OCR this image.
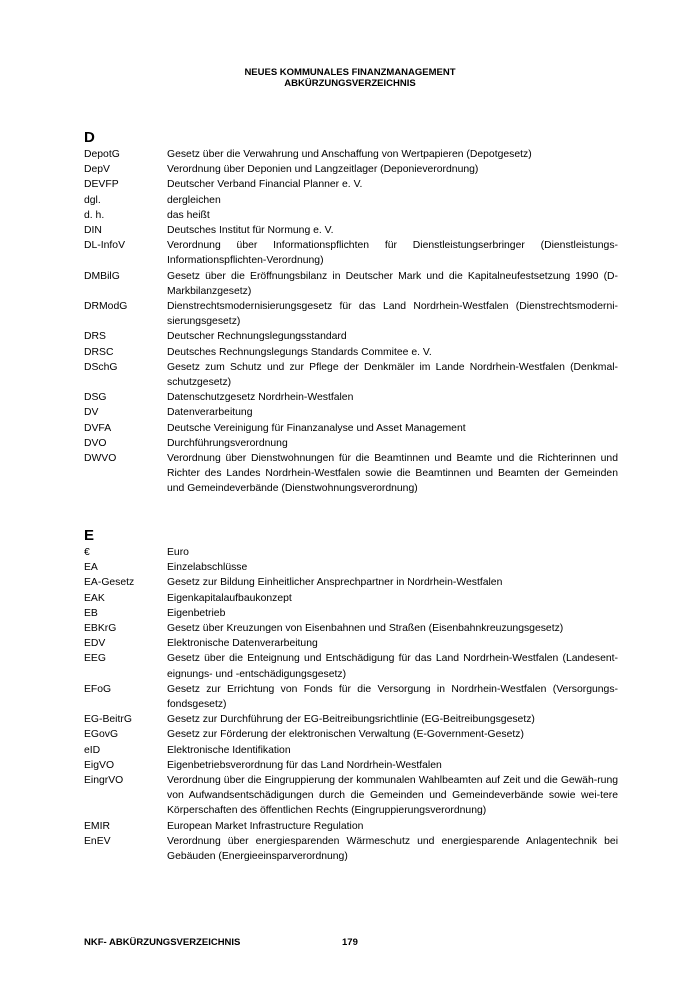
NEUES KOMMUNALES FINANZMANAGEMENT
ABKÜRZUNGSVERZEICHNIS
D
DepotG	Gesetz über die Verwahrung und Anschaffung von Wertpapieren (Depotgesetz)
DepV	Verordnung über Deponien und Langzeitlager (Deponieverordnung)
DEVFP	Deutscher Verband Financial Planner e. V.
dgl.	dergleichen
d. h.	das heißt
DIN	Deutsches Institut für Normung e. V.
DL-InfoV	Verordnung über Informationspflichten für Dienstleistungserbringer (Dienstleistungs-Informationspflichten-Verordnung)
DMBilG	Gesetz über die Eröffnungsbilanz in Deutscher Mark und die Kapitalneufestsetzung 1990 (D-Markbilanzgesetz)
DRModG	Dienstrechtsmodernisierungsgesetz für das Land Nordrhein-Westfalen (Dienstrechtsmoderni-sierungsgesetz)
DRS	Deutscher Rechnungslegungsstandard
DRSC	Deutsches Rechnungslegungs Standards Commitee e. V.
DSchG	Gesetz zum Schutz und zur Pflege der Denkmäler im Lande Nordrhein-Westfalen (Denkmal-schutzgesetz)
DSG	Datenschutzgesetz Nordrhein-Westfalen
DV	Datenverarbeitung
DVFA	Deutsche Vereinigung für Finanzanalyse und Asset Management
DVO	Durchführungsverordnung
DWVO	Verordnung über Dienstwohnungen für die Beamtinnen und Beamte und die Richterinnen und Richter des Landes Nordrhein-Westfalen sowie die Beamtinnen und Beamten der Gemeinden und Gemeindeverbände (Dienstwohnungsverordnung)
E
€	Euro
EA	Einzelabschlüsse
EA-Gesetz	Gesetz zur Bildung Einheitlicher Ansprechpartner in Nordrhein-Westfalen
EAK	Eigenkapitalaufbaukonzept
EB	Eigenbetrieb
EBKrG	Gesetz über Kreuzungen von Eisenbahnen und Straßen (Eisenbahnkreuzungsgesetz)
EDV	Elektronische Datenverarbeitung
EEG	Gesetz über die Enteignung und Entschädigung für das Land Nordrhein-Westfalen (Landesent-eignungs- und -entschädigungsgesetz)
EFoG	Gesetz zur Errichtung von Fonds für die Versorgung in Nordrhein-Westfalen (Versorgungs-fondsgesetz)
EG-BeitrG	Gesetz zur Durchführung der EG-Beitreibungsrichtlinie (EG-Beitreibungsgesetz)
EGovG	Gesetz zur Förderung der elektronischen Verwaltung (E-Government-Gesetz)
eID	Elektronische Identifikation
EigVO	Eigenbetriebsverordnung für das Land Nordrhein-Westfalen
EingrVO	Verordnung über die Eingruppierung der kommunalen Wahlbeamten auf Zeit und die Gewäh-rung von Aufwandsentschädigungen durch die Gemeinden und Gemeindeverbände sowie wei-tere Körperschaften des öffentlichen Rechts (Eingruppierungsverordnung)
EMIR	European Market Infrastructure Regulation
EnEV	Verordnung über energiesparenden Wärmeschutz und energiesparende Anlagentechnik bei Gebäuden (Energieeinsparverordnung)
NKF- ABKÜRZUNGSVERZEICHNIS	179
